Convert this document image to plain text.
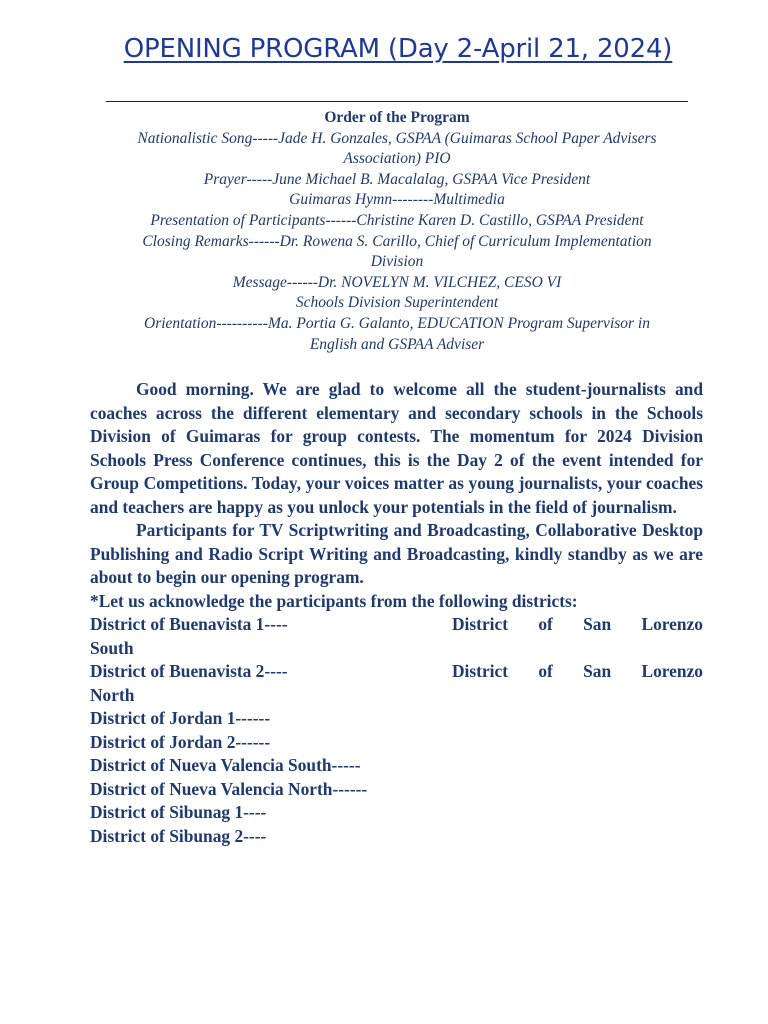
OPENING PROGRAM (Day 2-April 21, 2024)
Order of the Program
Nationalistic Song-----Jade H. Gonzales, GSPAA (Guimaras School Paper Advisers
Association) PIO
Prayer-----June Michael B. Macalalag, GSPAA Vice President
Guimaras Hymn--------Multimedia
Presentation of Participants------Christine Karen D. Castillo, GSPAA President
Closing Remarks------Dr. Rowena S. Carillo, Chief of Curriculum Implementation
Division
Message------Dr. NOVELYN M. VILCHEZ, CESO VI
Schools Division Superintendent
Orientation----------Ma. Portia G. Galanto, EDUCATION Program Supervisor in
English and GSPAA Adviser

Good morning. We are glad to welcome all the student-journalists and coaches across the different elementary and secondary schools in the Schools Division of Guimaras for group contests. The momentum for 2024 Division Schools Press Conference continues, this is the Day 2 of the event intended for Group Competitions. Today, your voices matter as young journalists, your coaches and teachers are happy as you unlock your potentials in the field of journalism.

Participants for TV Scriptwriting and Broadcasting, Collaborative Desktop Publishing and Radio Script Writing and Broadcasting, kindly standby as we are about to begin our opening program.

*Let us acknowledge the participants from the following districts:

District of Buenavista 1----	District of San Lorenzo
South
District of Buenavista 2----	District of San Lorenzo
North
District of Jordan 1------
District of Jordan 2------
District of Nueva Valencia South-----
District of Nueva Valencia North------
District of Sibunag 1----
District of Sibunag 2----
